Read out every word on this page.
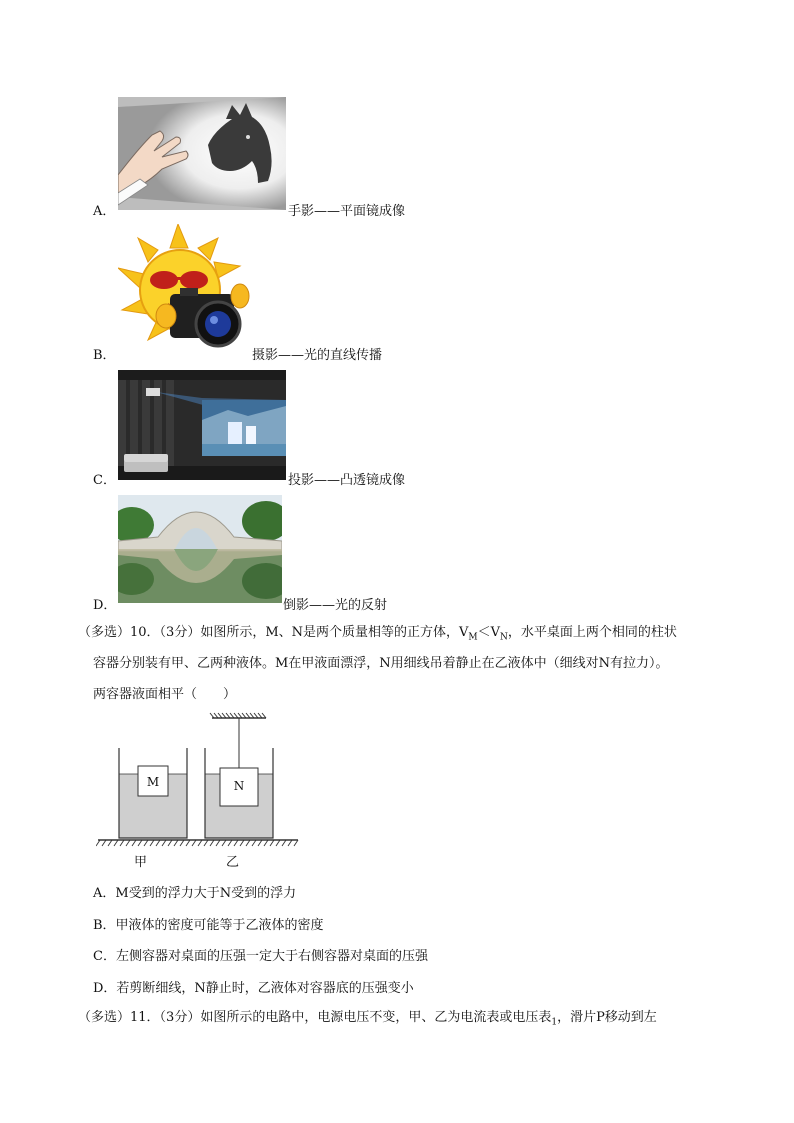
A．	手影——平面镜成像
B．	摄影——光的直线传播
C．	投影——凸透镜成像
D．	倒影——光的反射
（多选）10．（3分）如图所示，M、N是两个质量相等的正方体，$V_M<V_N$，水平桌面上两个相同的柱状
容器分别装有甲、乙两种液体。M在甲液面漂浮，N用细线吊着静止在乙液体中（细线对N有拉力）。
两容器液面相平（　　）
M	N
甲	乙
A．M受到的浮力大于N受到的浮力
B．甲液体的密度可能等于乙液体的密度
C．左侧容器对桌面的压强一定大于右侧容器对桌面的压强
D．若剪断细线，N静止时，乙液体对容器底的压强变小
（多选）11．（3分）如图所示的电路中，电源电压不变，甲、乙为电流表或电压表$_1$，滑片P移动到左
